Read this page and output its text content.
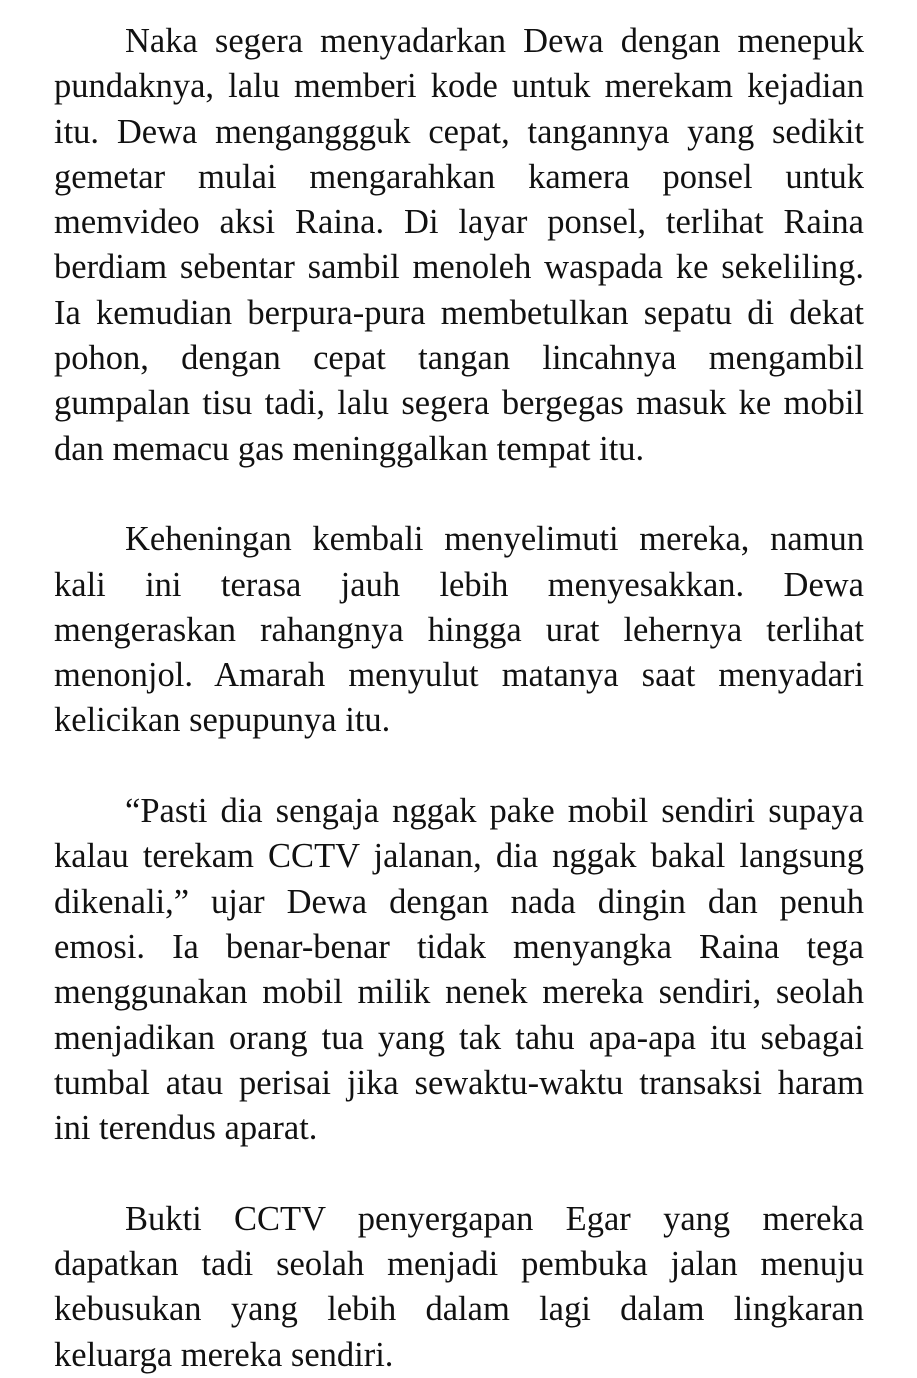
Naka segera menyadarkan Dewa dengan menepuk pundaknya, lalu memberi kode untuk merekam kejadian itu. Dewa menganggguk cepat, tangannya yang sedikit gemetar mulai mengarahkan kamera ponsel untuk memvideo aksi Raina. Di layar ponsel, terlihat Raina berdiam sebentar sambil menoleh waspada ke sekeliling. Ia kemudian berpura-pura membetulkan sepatu di dekat pohon, dengan cepat tangan lincahnya mengambil gumpalan tisu tadi, lalu segera bergegas masuk ke mobil dan memacu gas meninggalkan tempat itu.

Keheningan kembali menyelimuti mereka, namun kali ini terasa jauh lebih menyesakkan. Dewa mengeraskan rahangnya hingga urat lehernya terlihat menonjol. Amarah menyulut matanya saat menyadari kelicikan sepupunya itu.

“Pasti dia sengaja nggak pake mobil sendiri supaya kalau terekam CCTV jalanan, dia nggak bakal langsung dikenali,” ujar Dewa dengan nada dingin dan penuh emosi. Ia benar-benar tidak menyangka Raina tega menggunakan mobil milik nenek mereka sendiri, seolah menjadikan orang tua yang tak tahu apa-apa itu sebagai tumbal atau perisai jika sewaktu-waktu transaksi haram ini terendus aparat.

Bukti CCTV penyergapan Egar yang mereka dapatkan tadi seolah menjadi pembuka jalan menuju kebusukan yang lebih dalam lagi dalam lingkaran keluarga mereka sendiri.
